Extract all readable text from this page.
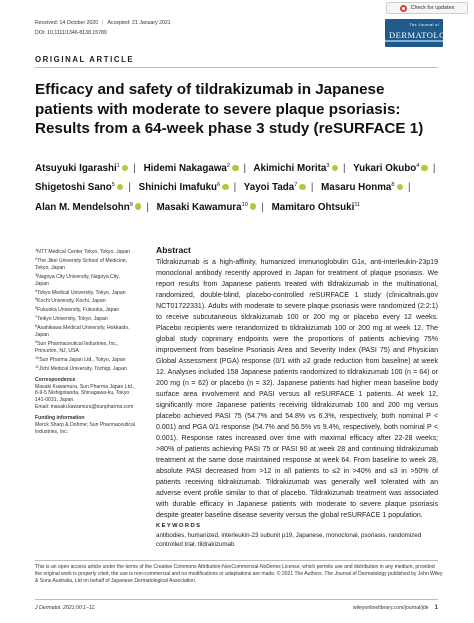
Received: 14 October 2020 | Accepted: 21 January 2021
DOI: 10.1111/1346-8138.15789
Check for updates
The Journal of
DERMATOLOGY
ORIGINAL ARTICLE
Efficacy and safety of tildrakizumab in Japanese patients with moderate to severe plaque psoriasis: Results from a 64-week phase 3 study (reSURFACE 1)
Atsuyuki Igarashi$^1$ | Hidemi Nakagawa$^2$ | Akimichi Morita$^3$ | Yukari Okubo$^4$ | Shigetoshi Sano$^5$ | Shinichi Imafuku$^6$ | Yayoi Tada$^7$ | Masaru Honma$^8$ | Alan M. Mendelsohn$^9$ | Masaki Kawamura$^{10}$ | Mamitaro Ohtsuki$^{11}$

$^1$NTT Medical Center Tokyo, Tokyo, Japan

$^2$The Jikei University School of Medicine, Tokyo, Japan

$^3$Nagoya City University, Nagoya City, Japan

$^4$Tokyo Medical University, Tokyo, Japan

$^5$Kochi University, Kochi, Japan

$^6$Fukuoka University, Fukuoka, Japan

$^7$Teikyo University, Tokyo, Japan

$^8$Asahikawa Medical University, Hokkaido, Japan

$^9$Sun Pharmaceutical Industries, Inc., Princeton, NJ, USA

$^{10}$Sun Pharma Japan Ltd., Tokyo, Japan

$^{11}$Jichi Medical University, Tochigi, Japan

Correspondence
Masaki Kawamura, Sun Pharma Japan Ltd., 8-9-5 Nishigotanda, Shinagawa-ku, Tokyo 141-0031, Japan.
Email: masaki.kawamura@sunpharma.com
Funding information
Merck Sharp & Dohme; Sun Pharmaceutical Industries, Inc.
Abstract

Tildrakizumab is a high-affinity, humanized immunoglobulin G1κ, anti-interleukin-23p19 monoclonal antibody recently approved in Japan for treatment of plaque psoriasis. We report results from Japanese patients treated with tildrakizumab in the multinational, randomized, double-blind, placebo-controlled reSURFACE 1 study (clinicaltrials.gov NCT01722331). Adults with moderate to severe plaque psoriasis were randomized (2:2:1) to receive subcutaneous tildrakizumab 100 or 200 mg or placebo every 12 weeks. Placebo recipients were rerandomized to tildrakizumab 100 or 200 mg at week 12. The global study coprimary endpoints were the proportions of patients achieving 75% improvement from baseline Psoriasis Area and Severity Index (PASI 75) and Physician Global Assessment (PGA) response (0/1 with ≥2 grade reduction from baseline) at week 12. Analyses included 158 Japanese patients randomized to tildrakizumab 100 (n = 64) or 200 mg (n = 62) or placebo (n = 32). Japanese patients had higher mean baseline body surface area involvement and PASI versus all reSURFACE 1 patients. At week 12, significantly more Japanese patients receiving tildrakizumab 100 and 200 mg versus placebo achieved PASI 75 (54.7% and 54.8% vs 6.3%, respectively, both nominal P < 0.001) and PGA 0/1 response (54.7% and 56.5% vs 9.4%, respectively, both nominal P < 0.001). Response rates increased over time with maximal efficacy after 22-28 weeks; >80% of patients achieving PASI 75 or PASI 90 at week 28 and continuing tildrakizumab treatment at the same dose maintained response at week 64. From baseline to week 28, absolute PASI decreased from >12 in all patients to ≤2 in >40% and ≤3 in >50% of patients receiving tildrakizumab. Tildrakizumab was generally well tolerated with an adverse event profile similar to that of placebo. Tildrakizumab treatment was associated with durable efficacy in Japanese patients with moderate to severe plaque psoriasis despite greater baseline disease severity versus the global reSURFACE 1 population.

KEYWORDS

antibodies, humanized, interleukin-23 subunit p19, Japanese, monoclonal, psoriasis, randomized controlled trial, tildrakizumab

This is an open access article under the terms of the Creative Commons Attribution-NonCommercial-NoDerivs License, which permits use and distribution in any medium, provided the original work is properly cited, the use is non-commercial and no modifications or adaptations are made. © 2021 The Authors. The Journal of Dermatology published by John Wiley & Sons Australia, Ltd on behalf of Japanese Dermatological Association.

J Dermatol. 2021;00:1–11.	wileyonlinelibrary.com/journal/jde 1
